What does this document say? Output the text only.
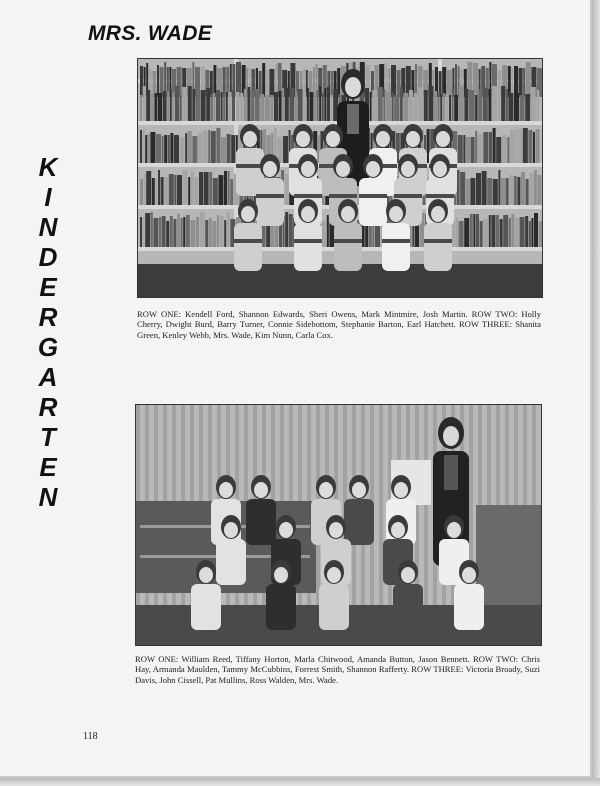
MRS. WADE
K
I
N
D
E
R
G
A
R
T
E
N
ROW ONE: Kendell Ford, Shannon Edwards, Sheri Owens, Mark Mintmire, Josh Martin. ROW TWO: Holly Cherry, Dwight Burd, Barry Turner, Connie Sidebottom, Stephanie Barton, Earl Hatchett. ROW THREE: Shanita Green, Kenley Webb, Mrs. Wade, Kim Nunn, Carla Cox.
ROW ONE: William Reed, Tiffany Horton, Marla Chitwood, Amanda Button, Jason Bennett. ROW TWO: Chris Hay, Armanda Maulden, Tammy McCubbins, Forrest Smith, Shannon Rafferty. ROW THREE: Victoria Broady, Suzi Davis, John Cissell, Pat Mullins, Ross Walden, Mrs. Wade.
118
